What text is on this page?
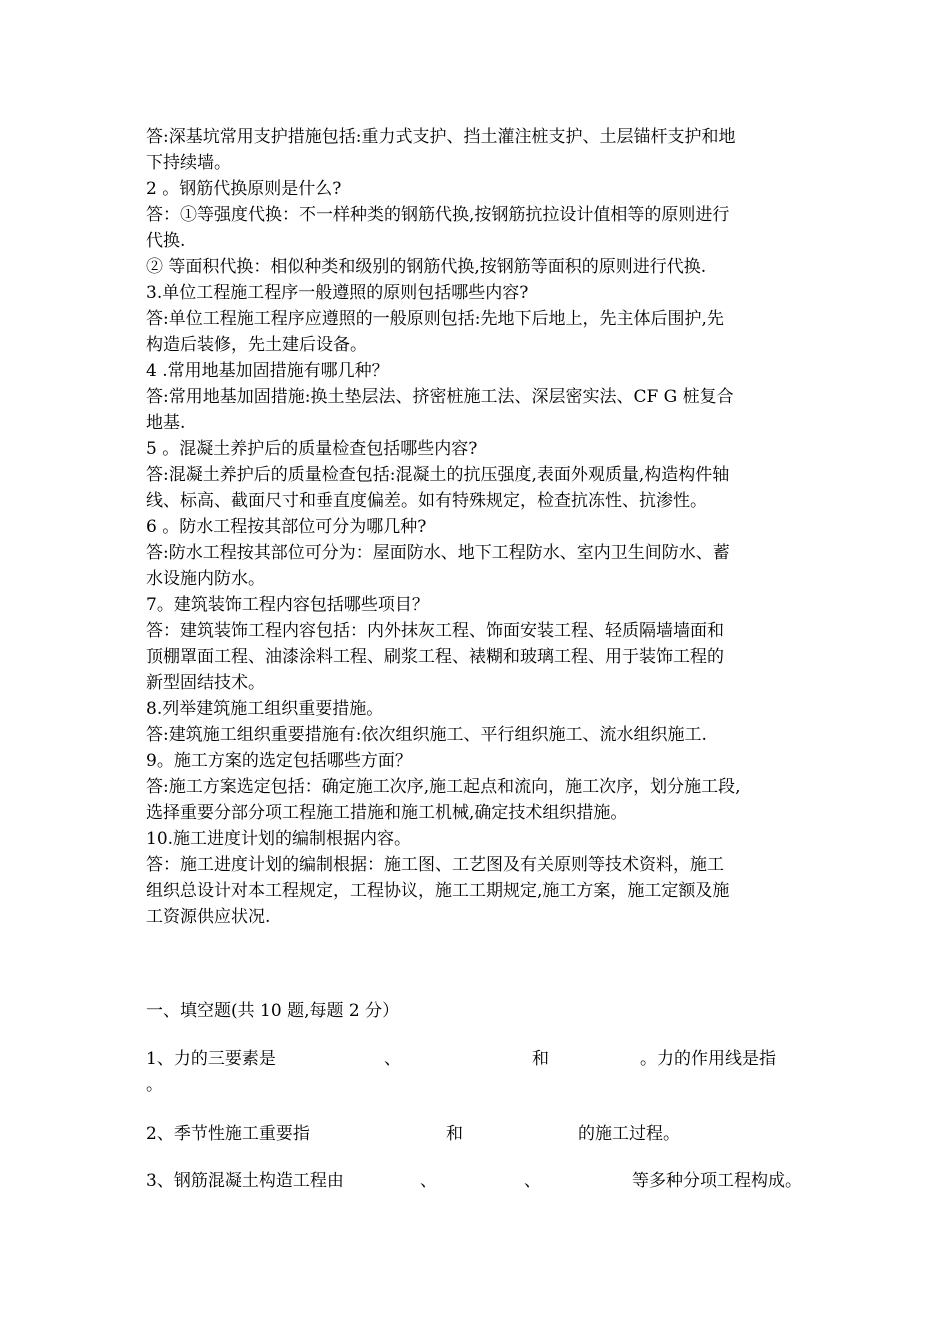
答:深基坑常用支护措施包括:重力式支护、挡土灌注桩支护、土层锚杆支护和地

下持续墙。

2 。钢筋代换原则是什么?

答：①等强度代换：不一样种类的钢筋代换,按钢筋抗拉设计值相等的原则进行

代换.

② 等面积代换：相似种类和级别的钢筋代换,按钢筋等面积的原则进行代换.

3.单位工程施工程序一般遵照的原则包括哪些内容?

答:单位工程施工程序应遵照的一般原则包括:先地下后地上，先主体后围护,先

构造后装修，先土建后设备。

4 .常用地基加固措施有哪几种？

答:常用地基加固措施:换土垫层法、挤密桩施工法、深层密实法、CF G 桩复合

地基.

5 。混凝土养护后的质量检查包括哪些内容?

答:混凝土养护后的质量检查包括:混凝土的抗压强度,表面外观质量,构造构件轴

线、标高、截面尺寸和垂直度偏差。如有特殊规定，检查抗冻性、抗渗性。

6 。防水工程按其部位可分为哪几种?

答:防水工程按其部位可分为：屋面防水、地下工程防水、室内卫生间防水、蓄

水设施内防水。

7。建筑装饰工程内容包括哪些项目？

答：建筑装饰工程内容包括：内外抹灰工程、饰面安装工程、轻质隔墙墙面和

顶棚罩面工程、油漆涂料工程、刷浆工程、裱糊和玻璃工程、用于装饰工程的

新型固结技术。

8.列举建筑施工组织重要措施。

答:建筑施工组织重要措施有:依次组织施工、平行组织施工、流水组织施工.

9。施工方案的选定包括哪些方面？

答:施工方案选定包括：确定施工次序,施工起点和流向，施工次序，划分施工段,

选择重要分部分项工程施工措施和施工机械,确定技术组织措施。

10.施工进度计划的编制根据内容。

答：施工进度计划的编制根据：施工图、工艺图及有关原则等技术资料，施工

组织总设计对本工程规定，工程协议，施工工期规定,施工方案，施工定额及施

工资源供应状况.

一、填空题(共 10 题,每题 2 分）

1、力的三要素是	、	和	。力的作用线是指
。
2、季节性施工重要指	和	的施工过程。
3、钢筋混凝土构造工程由	、	、	等多种分项工程构成。
